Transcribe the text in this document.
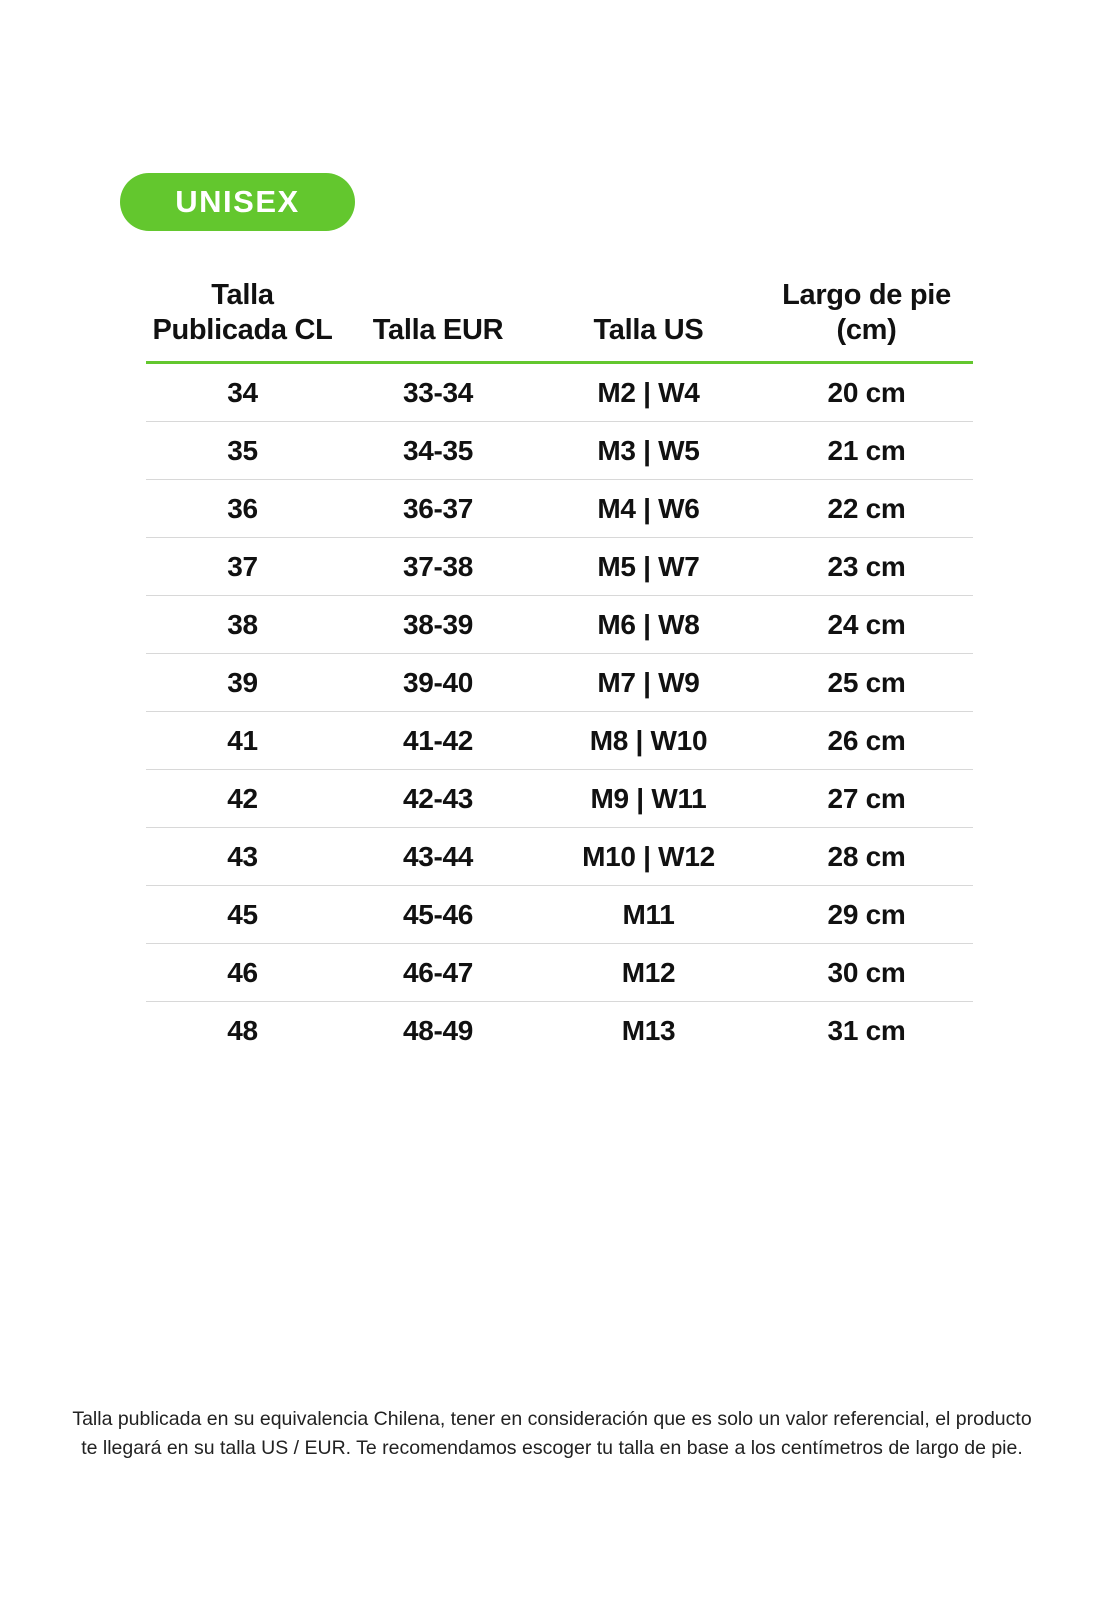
UNISEX
Talla Publicada CL	Talla EUR	Talla US	Largo de pie (cm)
34	33-34	M2 | W4	20 cm
35	34-35	M3 | W5	21 cm
36	36-37	M4 | W6	22 cm
37	37-38	M5 | W7	23 cm
38	38-39	M6 | W8	24 cm
39	39-40	M7 | W9	25 cm
41	41-42	M8 | W10	26 cm
42	42-43	M9 | W11	27 cm
43	43-44	M10 | W12	28 cm
45	45-46	M11	29 cm
46	46-47	M12	30 cm
48	48-49	M13	31 cm
Talla publicada en su equivalencia Chilena, tener en consideración que es solo un valor referencial, el producto
te llegará en su talla US / EUR. Te recomendamos escoger tu talla en base a los centímetros de largo de pie.
